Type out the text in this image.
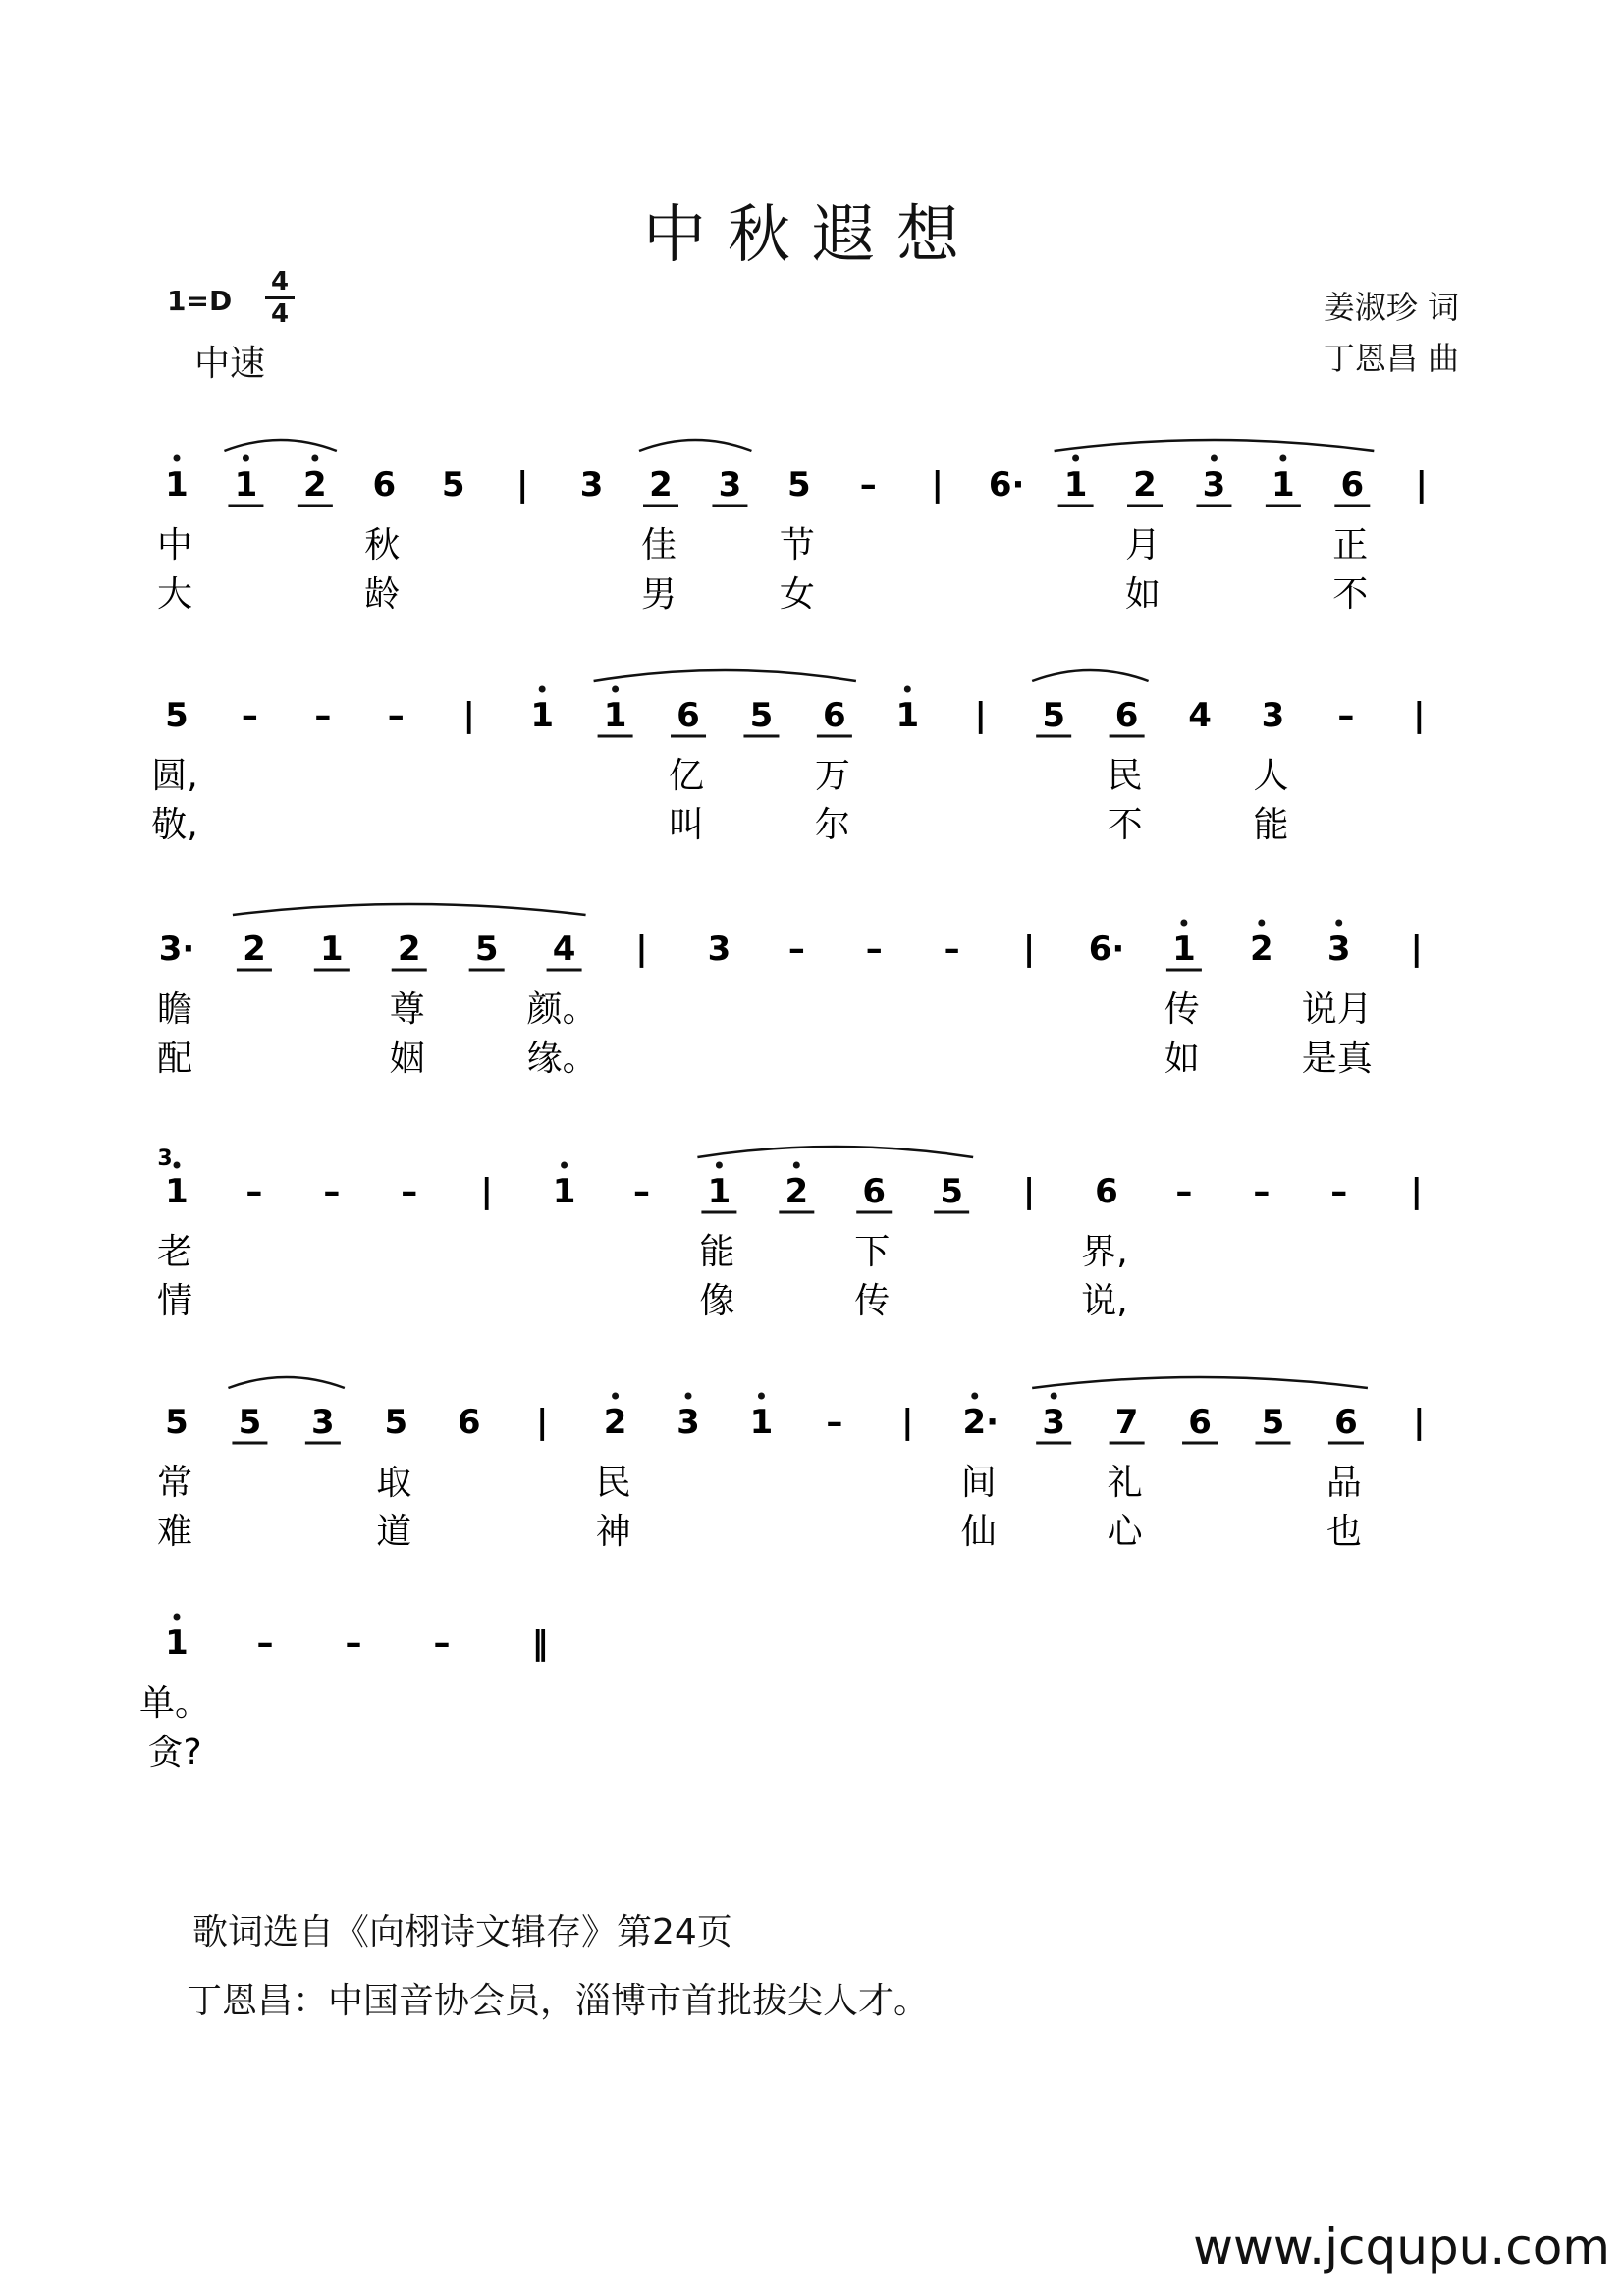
中秋遐想
$1=D \frac{4}{4}$
中速
姜淑珍 词
丁恩昌 曲
1 1 2 6 5 | 3 2 3 5 – | 6· 1 2 3 1 6 |
中	秋	佳	节	月	正
大	龄	男	女	如	不
5 – – – | 1 1 6 5 6 1 | 5 6 4 3 – |
圆,	亿	万	民	人
敬,	叫	尔	不	能
3· 2 1 2 5 4 | 3 – – – | 6· 1 2 3 |
瞻	尊	颜。	传	说月
配	姻	缘。	如	是真
1 – – – | 1 – 1 2 6 5 | 6 – – – |
3
老	能	下	界,
情	像	传	说,
5 5 3 5 6 | 2 3 1 – | 2· 3 7 6 5 6 |
常	取	民	间	礼	品
难	道	神	仙	心	也
1 – – – ‖
单。
贪?
歌词选自《向栩诗文辑存》第24页
丁恩昌：中国音协会员，淄博市首批拔尖人才。
www.jcqupu.com
